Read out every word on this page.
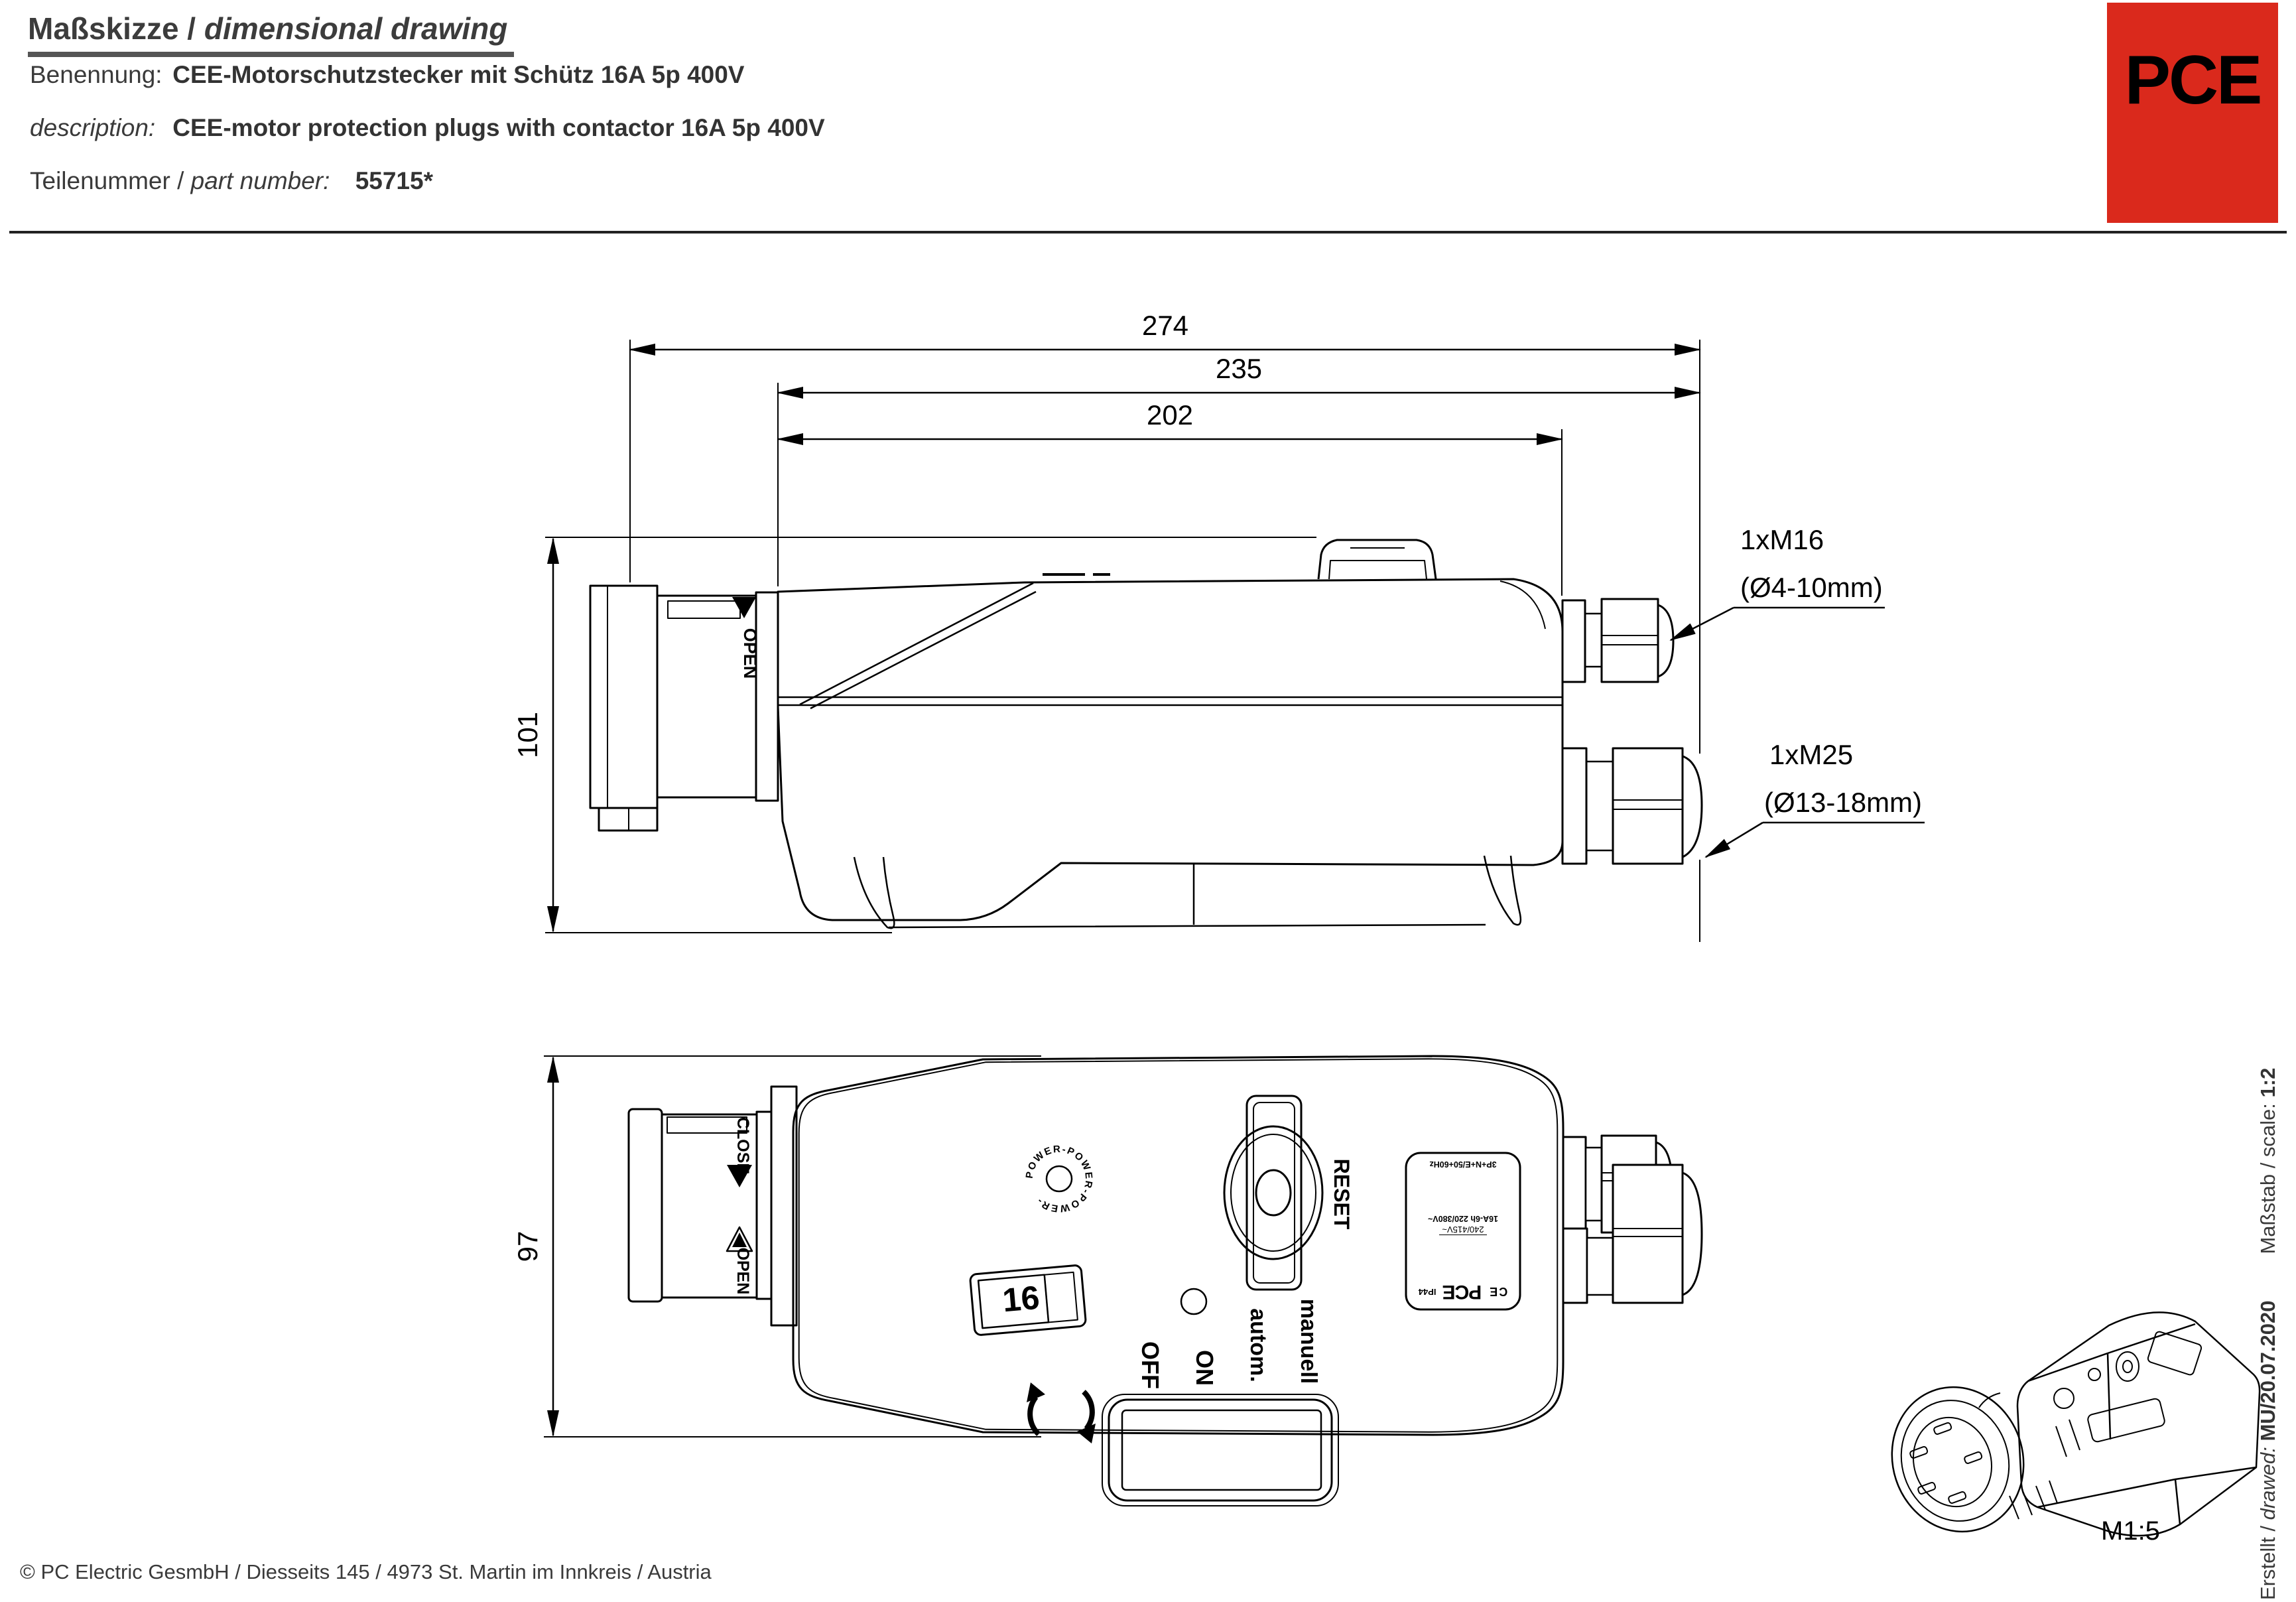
Maßskizze / dimensional drawing
Benennung: CEE-Motorschutzstecker mit Schütz 16A 5p 400V
description: CEE-motor protection plugs with contactor 16A 5p 400V
Teilenummer / part number: 55715*
PCE
OPEN
OFF ON autom. manuell
RESET
CLOSE
OPEN
16
POWER-POWER-POWER-
274
235
202
101
97
1xM16
(Ø4-10mm)
1xM25
(Ø13-18mm)
CE
PCE
IP44
240/415V~
16A-6h 220/380V~
3P+N+E/50+60Hz
M1:5
© PC Electric GesmbH / Diesseits 145 / 4973 St. Martin im Innkreis / Austria	Erstellt / drawed: MU/20.07.2020Maßstab / scale: 1:2
